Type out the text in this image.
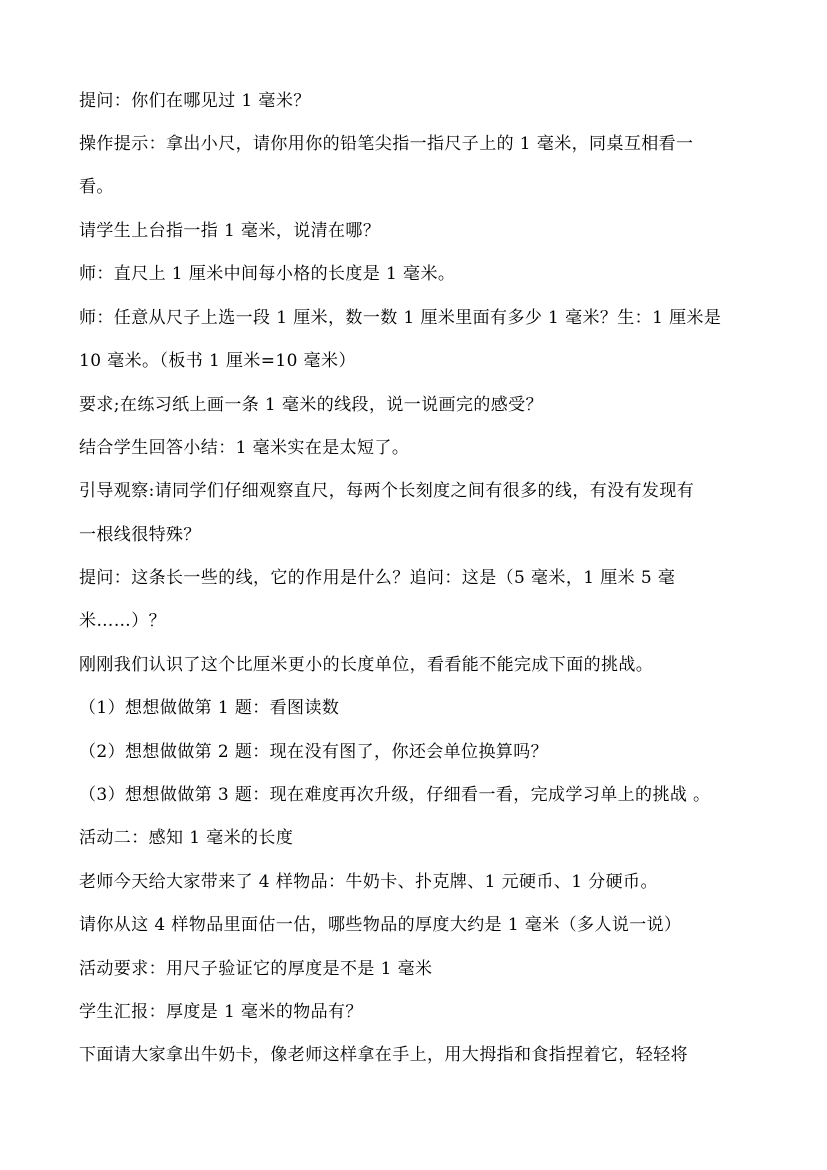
提问：你们在哪见过 1 毫米？
操作提示：拿出小尺，请你用你的铅笔尖指一指尺子上的 1 毫米，同桌互相看一
看。
请学生上台指一指 1 毫米，说清在哪？
师：直尺上 1 厘米中间每小格的长度是 1 毫米。
师：任意从尺子上选一段 1 厘米，数一数 1 厘米里面有多少 1 毫米？生：1 厘米是
10 毫米。（板书 1 厘米=10 毫米）
要求;在练习纸上画一条 1 毫米的线段，说一说画完的感受？
结合学生回答小结：1 毫米实在是太短了。
引导观察:请同学们仔细观察直尺，每两个长刻度之间有很多的线，有没有发现有
一根线很特殊？
提问：这条长一些的线，它的作用是什么？追问：这是（5 毫米，1 厘米 5 毫
米……）？
刚刚我们认识了这个比厘米更小的长度单位，看看能不能完成下面的挑战。
（1）想想做做第 1 题：看图读数
（2）想想做做第 2 题：现在没有图了，你还会单位换算吗？
（3）想想做做第 3 题：现在难度再次升级，仔细看一看，完成学习单上的挑战 。
活动二：感知 1 毫米的长度
老师今天给大家带来了 4 样物品：牛奶卡、扑克牌、1 元硬币、1 分硬币。
请你从这 4 样物品里面估一估，哪些物品的厚度大约是 1 毫米（多人说一说）
活动要求：用尺子验证它的厚度是不是 1 毫米
学生汇报：厚度是 1 毫米的物品有？
下面请大家拿出牛奶卡，像老师这样拿在手上，用大拇指和食指捏着它，轻轻将
